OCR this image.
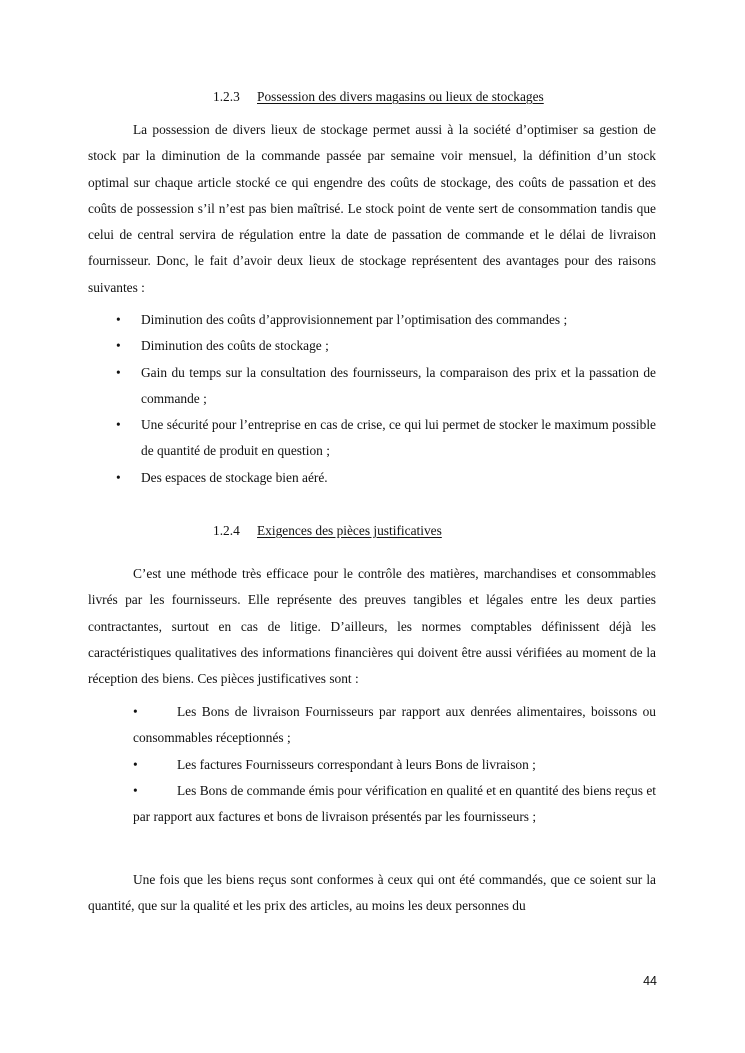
1.2.3 Possession des divers magasins ou lieux de stockages

La possession de divers lieux de stockage permet aussi à la société d’optimiser sa gestion de stock par la diminution de la commande passée par semaine voir mensuel, la définition d’un stock optimal sur chaque article stocké ce qui engendre des coûts de stockage, des coûts de passation et des coûts de possession s’il n’est pas bien maîtrisé. Le stock point de vente sert de consommation tandis que celui de central servira de régulation entre la date de passation de commande et le délai de livraison fournisseur. Donc, le fait d’avoir deux lieux de stockage représentent des avantages pour des raisons suivantes :

• Diminution des coûts d’approvisionnement par l’optimisation des commandes ;
• Diminution des coûts de stockage ;
• Gain du temps sur la consultation des fournisseurs, la comparaison des prix et la passation de commande ;
• Une sécurité pour l’entreprise en cas de crise, ce qui lui permet de stocker le maximum possible de quantité de produit en question ;
• Des espaces de stockage bien aéré.
1.2.4 Exigences des pièces justificatives

C’est une méthode très efficace pour le contrôle des matières, marchandises et consommables livrés par les fournisseurs. Elle représente des preuves tangibles et légales entre les deux parties contractantes, surtout en cas de litige. D’ailleurs, les normes comptables définissent déjà les caractéristiques qualitatives des informations financières qui doivent être aussi vérifiées au moment de la réception des biens. Ces pièces justificatives sont :

•	Les Bons de livraison Fournisseurs par rapport aux denrées alimentaires, boissons ou consommables réceptionnés ;
•	Les factures Fournisseurs correspondant à leurs Bons de livraison ;
•	Les Bons de commande émis pour vérification en qualité et en quantité des biens reçus et par rapport aux factures et bons de livraison présentés par les fournisseurs ;

Une fois que les biens reçus sont conformes à ceux qui ont été commandés, que ce soient sur la quantité, que sur la qualité et les prix des articles, au moins les deux personnes du

44
